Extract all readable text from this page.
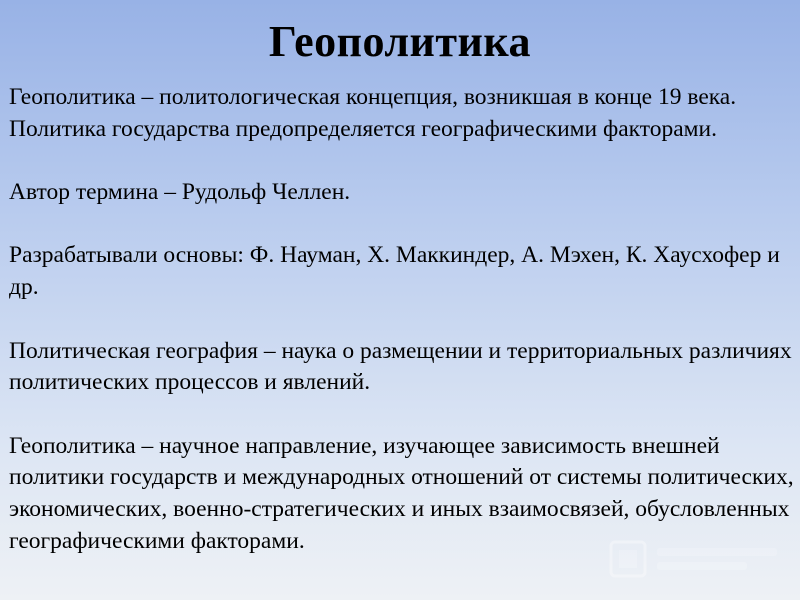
Геополитика

Геополитика – политологическая концепция, возникшая в конце 19 века. Политика государства предопределяется географическими факторами.

Автор термина – Рудольф Челлен.

Разрабатывали основы: Ф. Науман, Х. Маккиндер, А. Мэхен, К. Хаусхофер и др.

Политическая география – наука о размещении и территориальных различиях политических процессов и явлений.

Геополитика – научное направление, изучающее зависимость внешней политики государств и международных отношений от системы политических, экономических, военно-стратегических и иных взаимосвязей, обусловленных географическими факторами.
